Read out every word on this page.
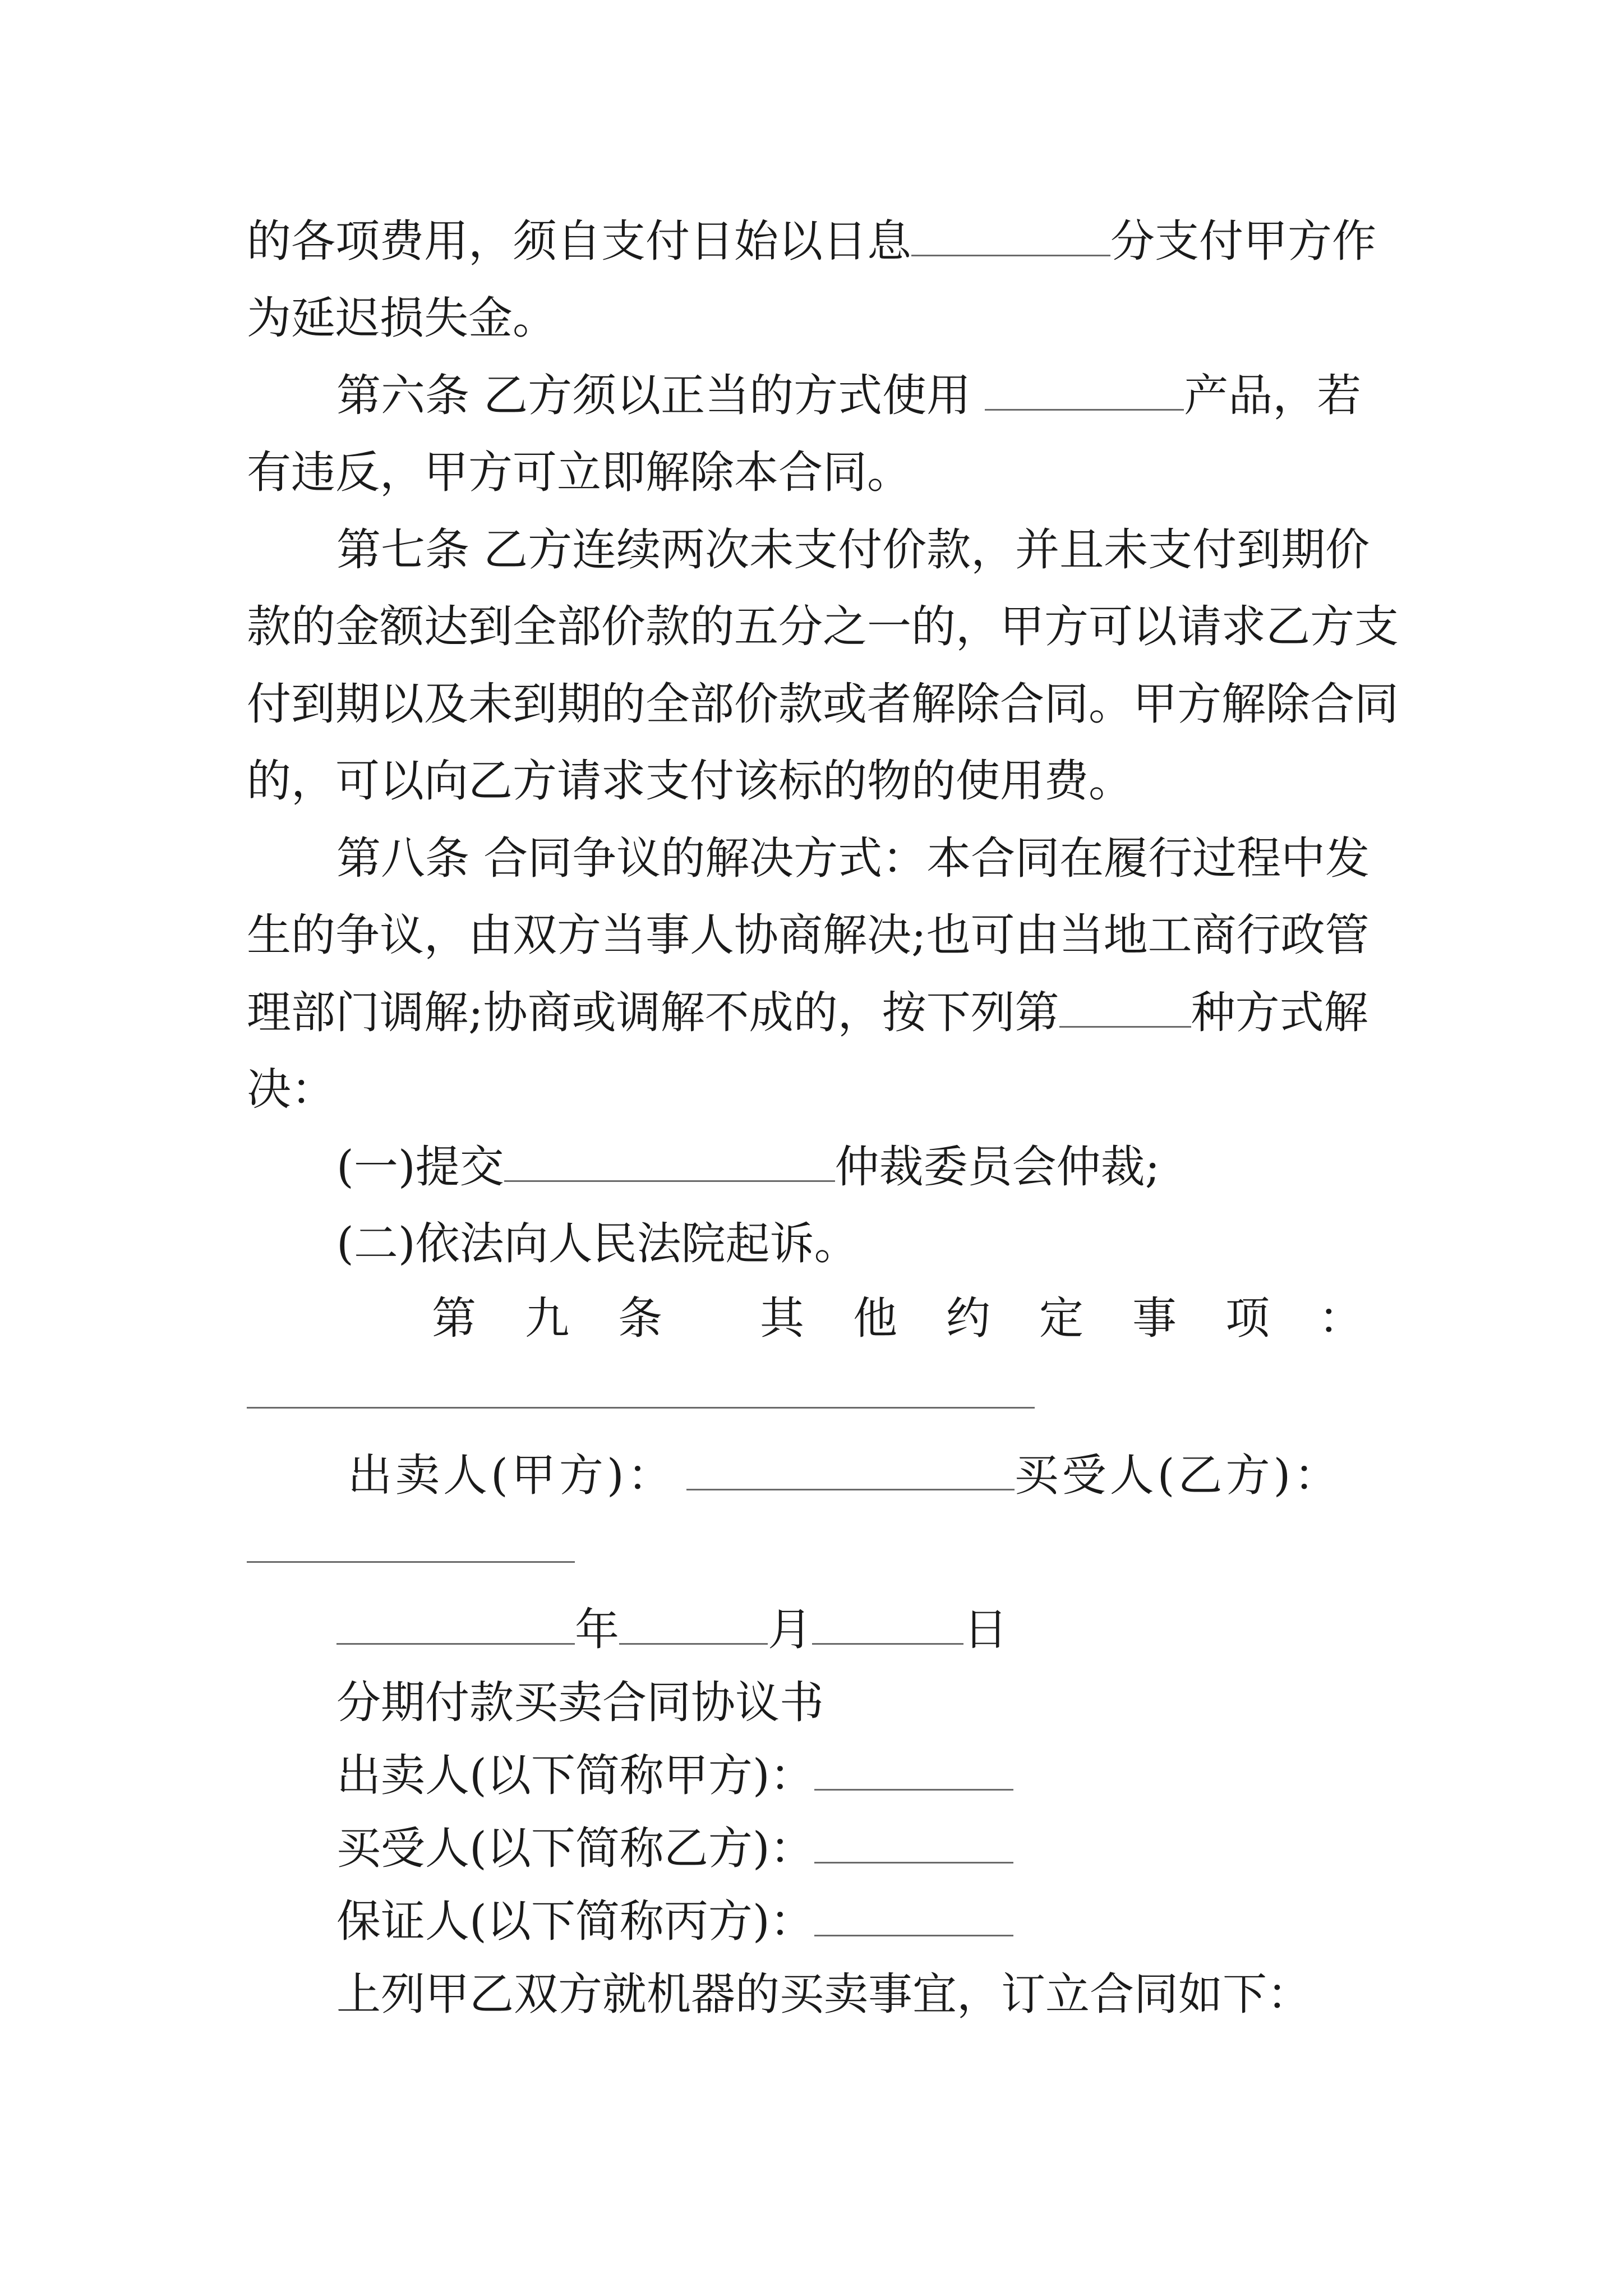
的各项费用，须自支付日始以日息	分支付甲方作
为延迟损失金。
第六条 乙方须以正当的方式使用	产品，若
有违反，甲方可立即解除本合同。
第七条 乙方连续两次未支付价款，并且未支付到期价
款的金额达到全部价款的五分之一的，甲方可以请求乙方支
付到期以及未到期的全部价款或者解除合同。甲方解除合同
的，可以向乙方请求支付该标的物的使用费。
第八条 合同争议的解决方式：本合同在履行过程中发
生的争议，由双方当事人协商解决;也可由当地工商行政管
理部门调解;协商或调解不成的，按下列第	种方式解
决：
(一)提交	仲裁委员会仲裁;
(二)依法向人民法院起诉。
第 九 条 其 他 约 定 事 项 ：
出卖人(甲方)：	买受人(乙方)：
年	月	日
分期付款买卖合同协议书
出卖人(以下简称甲方)：
买受人(以下简称乙方)：
保证人(以下简称丙方)：
上列甲乙双方就机器的买卖事宜，订立合同如下：
